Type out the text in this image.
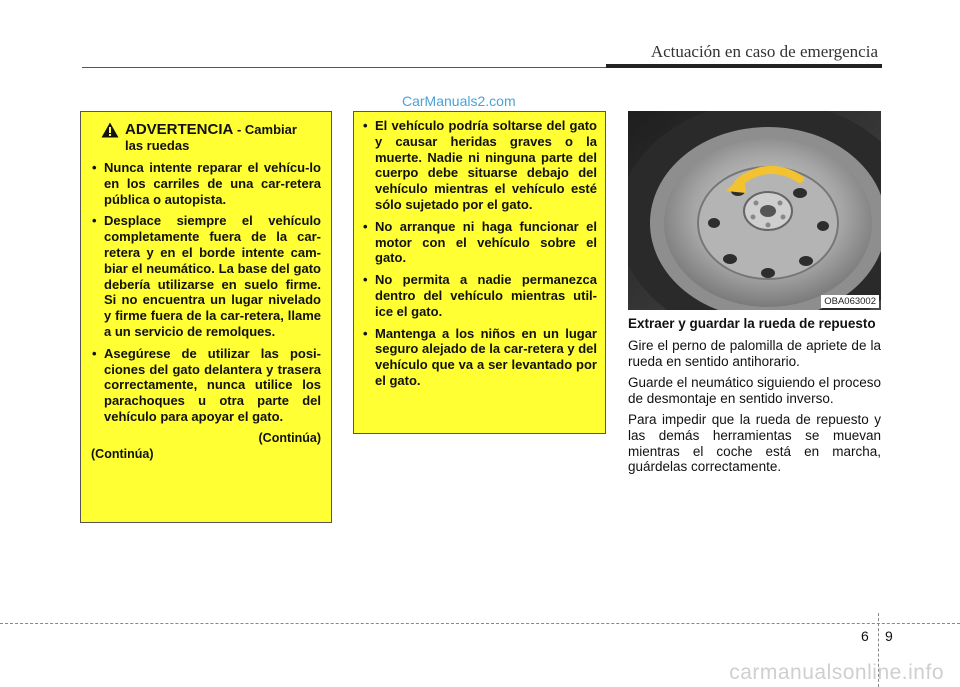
Actuación en caso de emergencia
CarManuals2.com
ADVERTENCIA - Cambiar
las ruedas
• Nunca intente reparar el vehícu-lo en los carriles de una car-retera pública o autopista.
• Desplace siempre el vehículo completamente fuera de la car-retera y en el borde intente cam-biar el neumático. La base del gato debería utilizarse en suelo firme. Si no encuentra un lugar nivelado y firme fuera de la car-retera, llame a un servicio de remolques.
• Asegúrese de utilizar las posi-ciones del gato delantera y trasera correctamente, nunca utilice los parachoques u otra parte del vehículo para apoyar el gato.
(Continúa)
(Continúa)
• El vehículo podría soltarse del gato y causar heridas graves o la muerte. Nadie ni ninguna parte del cuerpo debe situarse debajo del vehículo mientras el vehículo esté sólo sujetado por el gato.
• No arranque ni haga funcionar el motor con el vehículo sobre el gato.
• No permita a nadie permanezca dentro del vehículo mientras util-ice el gato.
• Mantenga a los niños en un lugar seguro alejado de la car-retera y del vehículo que va a ser levantado por el gato.
OBA063002
Extraer y guardar la rueda de repuesto

Gire el perno de palomilla de apriete de la rueda en sentido antihorario.

Guarde el neumático siguiendo el proceso de desmontaje en sentido inverso.

Para impedir que la rueda de repuesto y las demás herramientas se muevan mientras el coche está en marcha, guárdelas correctamente.

6 9
carmanualsonline.info
